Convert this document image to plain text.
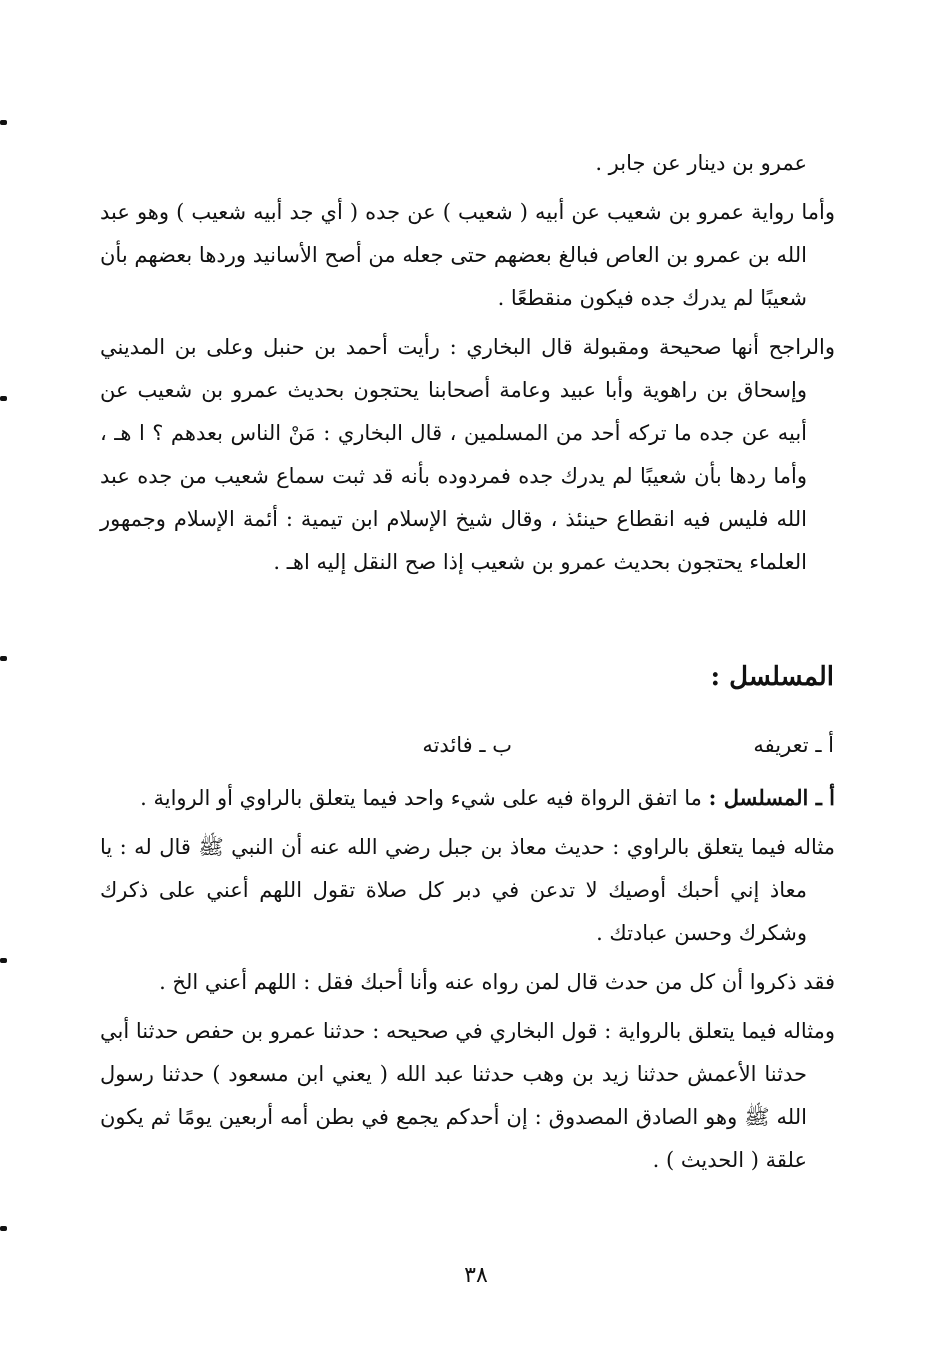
عمرو بن دينار عن جابر .

وأما رواية عمرو بن شعيب عن أبيه ( شعيب ) عن جده ( أي جد أبيه شعيب ) وهو عبد الله بن عمرو بن العاص فبالغ بعضهم حتى جعله من أصح الأسانيد وردها بعضهم بأن شعيبًا لم يدرك جده فيكون منقطعًا .

والراجح أنها صحيحة ومقبولة قال البخاري : رأيت أحمد بن حنبل وعلى بن المديني وإسحاق بن راهوية وأبا عبيد وعامة أصحابنا يحتجون بحديث عمرو بن شعيب عن أبيه عن جده ما تركه أحد من المسلمين ، قال البخاري : مَنْ الناس بعدهم ؟ ا هـ ، وأما ردها بأن شعيبًا لم يدرك جده فمردوده بأنه قد ثبت سماع شعيب من جده عبد الله فليس فيه انقطاع حينئذ ، وقال شيخ الإسلام ابن تيمية : أئمة الإسلام وجمهور العلماء يحتجون بحديث عمرو بن شعيب إذا صح النقل إليه اهـ .

المسلسل :
أ ـ تعريفه
ب ـ فائدته

أ ـ المسلسل : ما اتفق الرواة فيه على شيء واحد فيما يتعلق بالراوي أو الرواية .

مثاله فيما يتعلق بالراوي : حديث معاذ بن جبل رضي الله عنه أن النبي ﷺ قال له : يا معاذ إني أحبك أوصيك لا تدعن في دبر كل صلاة تقول اللهم أعني على ذكرك وشكرك وحسن عبادتك .

فقد ذكروا أن كل من حدث قال لمن رواه عنه وأنا أحبك فقل : اللهم أعني الخ .

ومثاله فيما يتعلق بالرواية : قول البخاري في صحيحه : حدثنا عمرو بن حفص حدثنا أبي حدثنا الأعمش حدثنا زيد بن وهب حدثنا عبد الله ( يعني ابن مسعود ) حدثنا رسول الله ﷺ وهو الصادق المصدوق : إن أحدكم يجمع في بطن أمه أربعين يومًا ثم يكون علقة ( الحديث ) .

٣٨
